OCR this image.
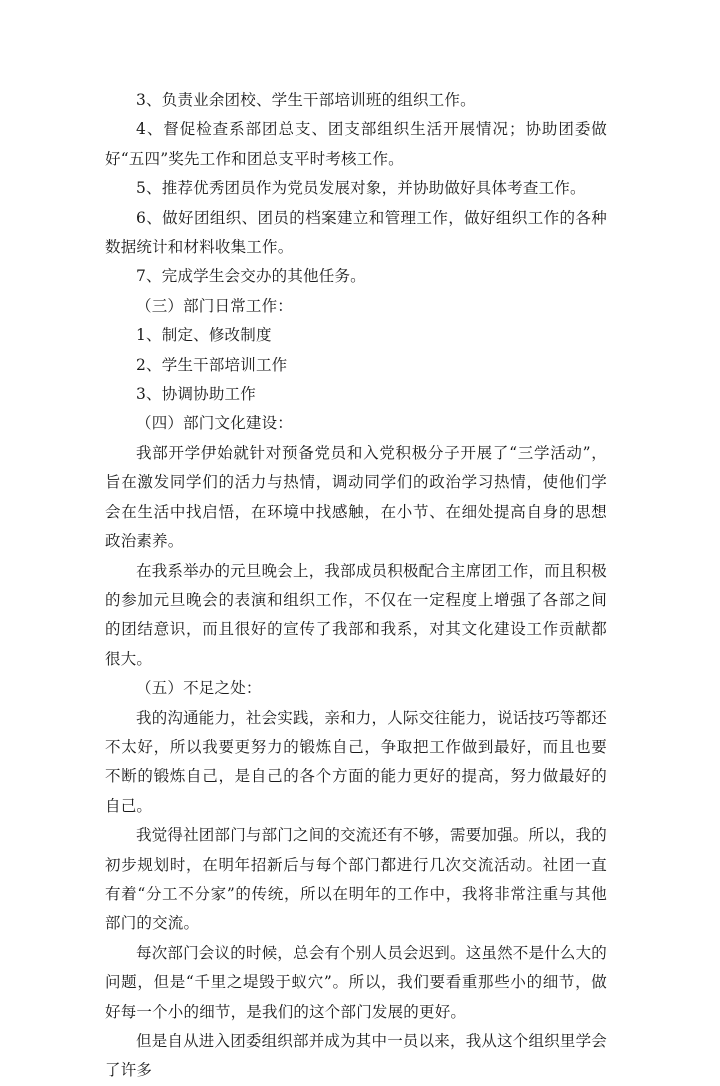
3、负责业余团校、学生干部培训班的组织工作。

4、督促检查系部团总支、团支部组织生活开展情况；协助团委做好“五四”奖先工作和团总支平时考核工作。

5、推荐优秀团员作为党员发展对象，并协助做好具体考查工作。

6、做好团组织、团员的档案建立和管理工作，做好组织工作的各种数据统计和材料收集工作。

7、完成学生会交办的其他任务。

（三）部门日常工作：

1、制定、修改制度

2、学生干部培训工作

3、协调协助工作

（四）部门文化建设：

我部开学伊始就针对预备党员和入党积极分子开展了“三学活动”，旨在激发同学们的活力与热情，调动同学们的政治学习热情，使他们学会在生活中找启悟，在环境中找感触，在小节、在细处提高自身的思想政治素养。

在我系举办的元旦晚会上，我部成员积极配合主席团工作，而且积极的参加元旦晚会的表演和组织工作，不仅在一定程度上增强了各部之间的团结意识，而且很好的宣传了我部和我系，对其文化建设工作贡献都很大。

（五）不足之处：

我的沟通能力，社会实践，亲和力，人际交往能力，说话技巧等都还不太好，所以我要更努力的锻炼自己，争取把工作做到最好，而且也要不断的锻炼自己，是自己的各个方面的能力更好的提高，努力做最好的自己。

我觉得社团部门与部门之间的交流还有不够，需要加强。所以，我的初步规划时，在明年招新后与每个部门都进行几次交流活动。社团一直有着“分工不分家”的传统，所以在明年的工作中，我将非常注重与其他部门的交流。

每次部门会议的时候，总会有个别人员会迟到。这虽然不是什么大的问题，但是“千里之堤毁于蚁穴”。所以，我们要看重那些小的细节，做好每一个小的细节，是我们的这个部门发展的更好。

但是自从进入团委组织部并成为其中一员以来，我从这个组织里学会了许多
